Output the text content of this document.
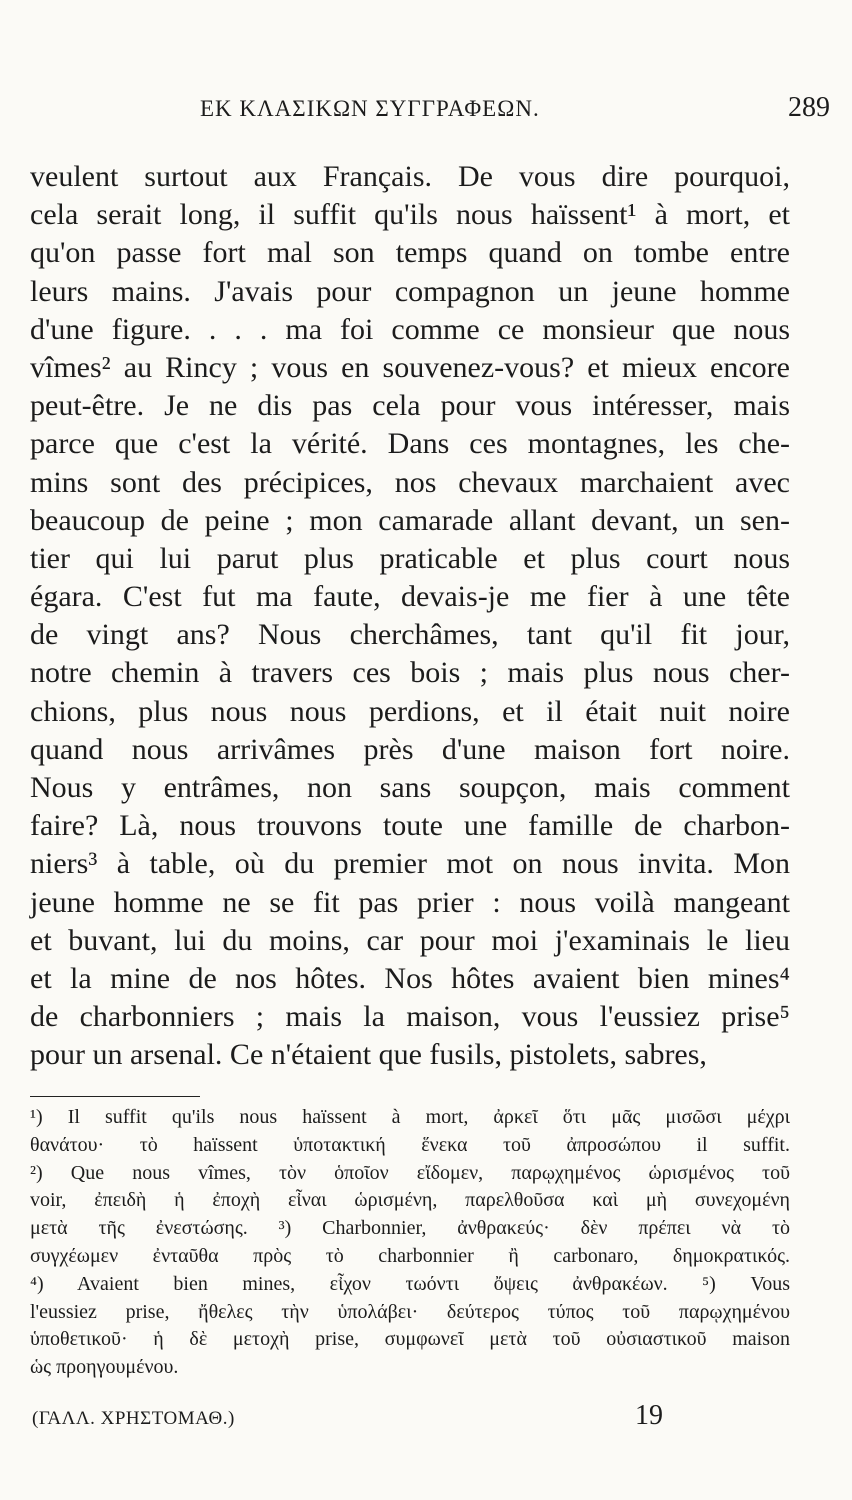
ΕΚ ΚΛΑΣΙΚΩΝ ΣΥΓΓΡΑΦΕΩΝ.	289
veulent surtout aux Français. De vous dire pourquoi,
cela serait long, il suffit qu'ils nous haïssent¹ à mort, et
qu'on passe fort mal son temps quand on tombe entre
leurs mains. J'avais pour compagnon un jeune homme
d'une figure. . . . ma foi comme ce monsieur que nous
vîmes² au Rincy ; vous en souvenez-vous? et mieux encore
peut-être. Je ne dis pas cela pour vous intéresser, mais
parce que c'est la vérité. Dans ces montagnes, les che-
mins sont des précipices, nos chevaux marchaient avec
beaucoup de peine ; mon camarade allant devant, un sen-
tier qui lui parut plus praticable et plus court nous
égara. C'est fut ma faute, devais-je me fier à une tête
de vingt ans? Nous cherchâmes, tant qu'il fit jour,
notre chemin à travers ces bois ; mais plus nous cher-
chions, plus nous nous perdions, et il était nuit noire
quand nous arrivâmes près d'une maison fort noire.
Nous y entrâmes, non sans soupçon, mais comment
faire? Là, nous trouvons toute une famille de charbon-
niers³ à table, où du premier mot on nous invita. Mon
jeune homme ne se fit pas prier : nous voilà mangeant
et buvant, lui du moins, car pour moi j'examinais le lieu
et la mine de nos hôtes. Nos hôtes avaient bien mines⁴
de charbonniers ; mais la maison, vous l'eussiez prise⁵
pour un arsenal. Ce n'étaient que fusils, pistolets, sabres,
¹) Il suffit qu'ils nous haïssent à mort, ἀρκεῖ ὅτι μᾶς μισῶσι μέχρι
θανάτου· τὸ haïssent ὑποτακτική ἕνεκα τοῦ ἀπροσώπου il suffit.
²) Que nous vîmes, τὸν ὁποῖον εἴδομεν, παρῳχημένος ὡρισμένος τοῦ
voir, ἐπειδὴ ἡ ἐποχὴ εἶναι ὡρισμένη, παρελθοῦσα καὶ μὴ συνεχομένη
μετὰ τῆς ἐνεστώσης. ³) Charbonnier, ἀνθρακεύς· δὲν πρέπει νὰ τὸ
συγχέωμεν ἐνταῦθα πρὸς τὸ charbonnier ἢ carbonaro, δημοκρατικός.
⁴) Avaient bien mines, εἶχον τωόντι ὄψεις ἀνθρακέων. ⁵) Vous
l'eussiez prise, ἤθελες τὴν ὑπολάβει· δεύτερος τύπος τοῦ παρῳχημένου
ὑποθετικοῦ· ἡ δὲ μετοχὴ prise, συμφωνεῖ μετὰ τοῦ οὐσιαστικοῦ maison
ὡς προηγουμένου.
(ΓΑΛΛ. ΧΡΗΣΤΟΜΑΘ.)	19
